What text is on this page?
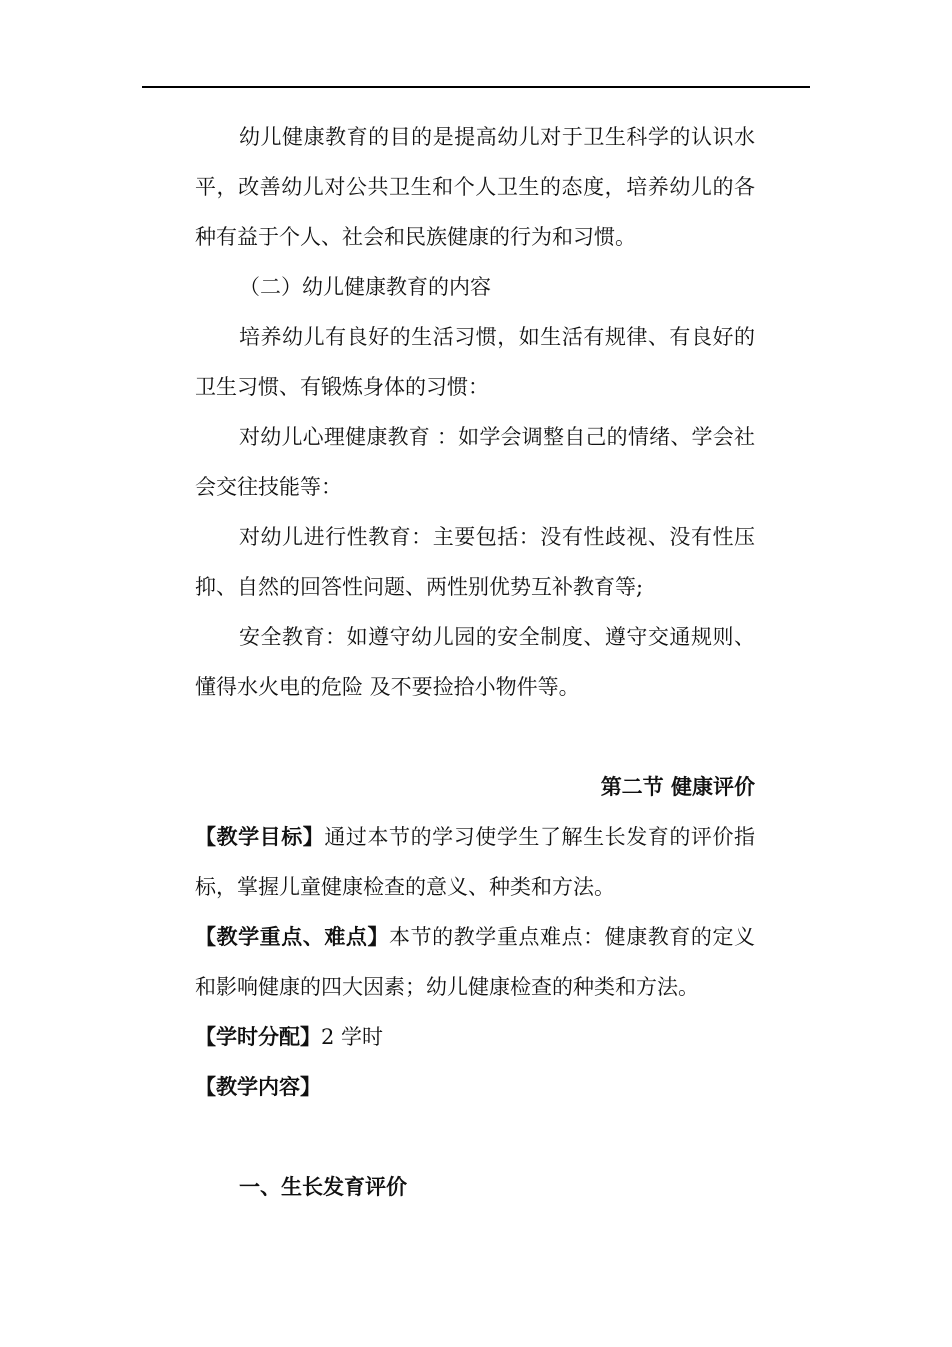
幼儿健康教育的目的是提高幼儿对于卫生科学的认识水平，改善幼儿对公共卫生和个人卫生的态度，培养幼儿的各种有益于个人、社会和民族健康的行为和习惯。

（二）幼儿健康教育的内容

培养幼儿有良好的生活习惯，如生活有规律、有良好的卫生习惯、有锻炼身体的习惯：

对幼儿心理健康教育 ：如学会调整自己的情绪、学会社会交往技能等：

对幼儿进行性教育：主要包括：没有性歧视、没有性压抑、自然的回答性问题、两性别优势互补教育等;

安全教育：如遵守幼儿园的安全制度、遵守交通规则、懂得水火电的危险 及不要捡拾小物件等。

第二节 健康评价

【教学目标】通过本节的学习使学生了解生长发育的评价指标，掌握儿童健康检查的意义、种类和方法。

【教学重点、难点】本节的教学重点难点：健康教育的定义和影响健康的四大因素；幼儿健康检查的种类和方法。

【学时分配】2 学时

【教学内容】

一、生长发育评价
